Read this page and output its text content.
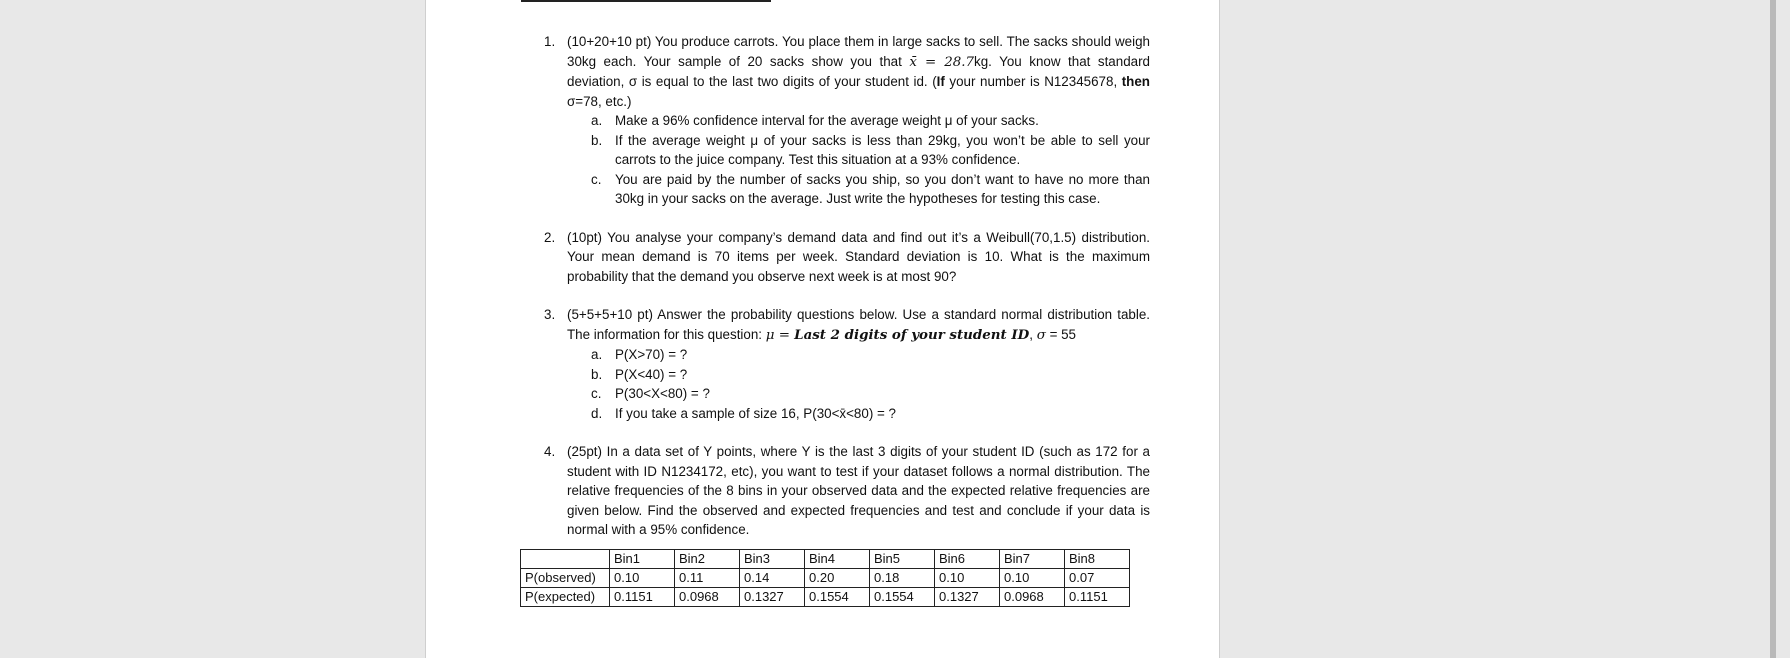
1. (10+20+10 pt) You produce carrots. You place them in large sacks to sell. The sacks should weigh 30kg each. Your sample of 20 sacks show you that x̄ = 28.7kg. You know that standard deviation, σ is equal to the last two digits of your student id. (If your number is N12345678, then σ=78, etc.)
a. Make a 96% confidence interval for the average weight μ of your sacks.
b. If the average weight μ of your sacks is less than 29kg, you won’t be able to sell your carrots to the juice company. Test this situation at a 93% confidence.
c. You are paid by the number of sacks you ship, so you don’t want to have no more than 30kg in your sacks on the average. Just write the hypotheses for testing this case.
2. (10pt) You analyse your company’s demand data and find out it’s a Weibull(70,1.5) distribution. Your mean demand is 70 items per week. Standard deviation is 10. What is the maximum probability that the demand you observe next week is at most 90?
3. (5+5+5+10 pt) Answer the probability questions below. Use a standard normal distribution table. The information for this question: μ = Last 2 digits of your student ID, σ = 55
a. P(X>70) = ?
b. P(X<40) = ?
c. P(30<X<80) = ?
d. If you take a sample of size 16, P(30<x̄<80) = ?
4. (25pt) In a data set of Y points, where Y is the last 3 digits of your student ID (such as 172 for a student with ID N1234172, etc), you want to test if your dataset follows a normal distribution. The relative frequencies of the 8 bins in your observed data and the expected relative frequencies are given below. Find the observed and expected frequencies and test and conclude if your data is normal with a 95% confidence.
	Bin1	Bin2	Bin3	Bin4	Bin5	Bin6	Bin7	Bin8
P(observed)	0.10	0.11	0.14	0.20	0.18	0.10	0.10	0.07
P(expected)	0.1151	0.0968	0.1327	0.1554	0.1554	0.1327	0.0968	0.1151
